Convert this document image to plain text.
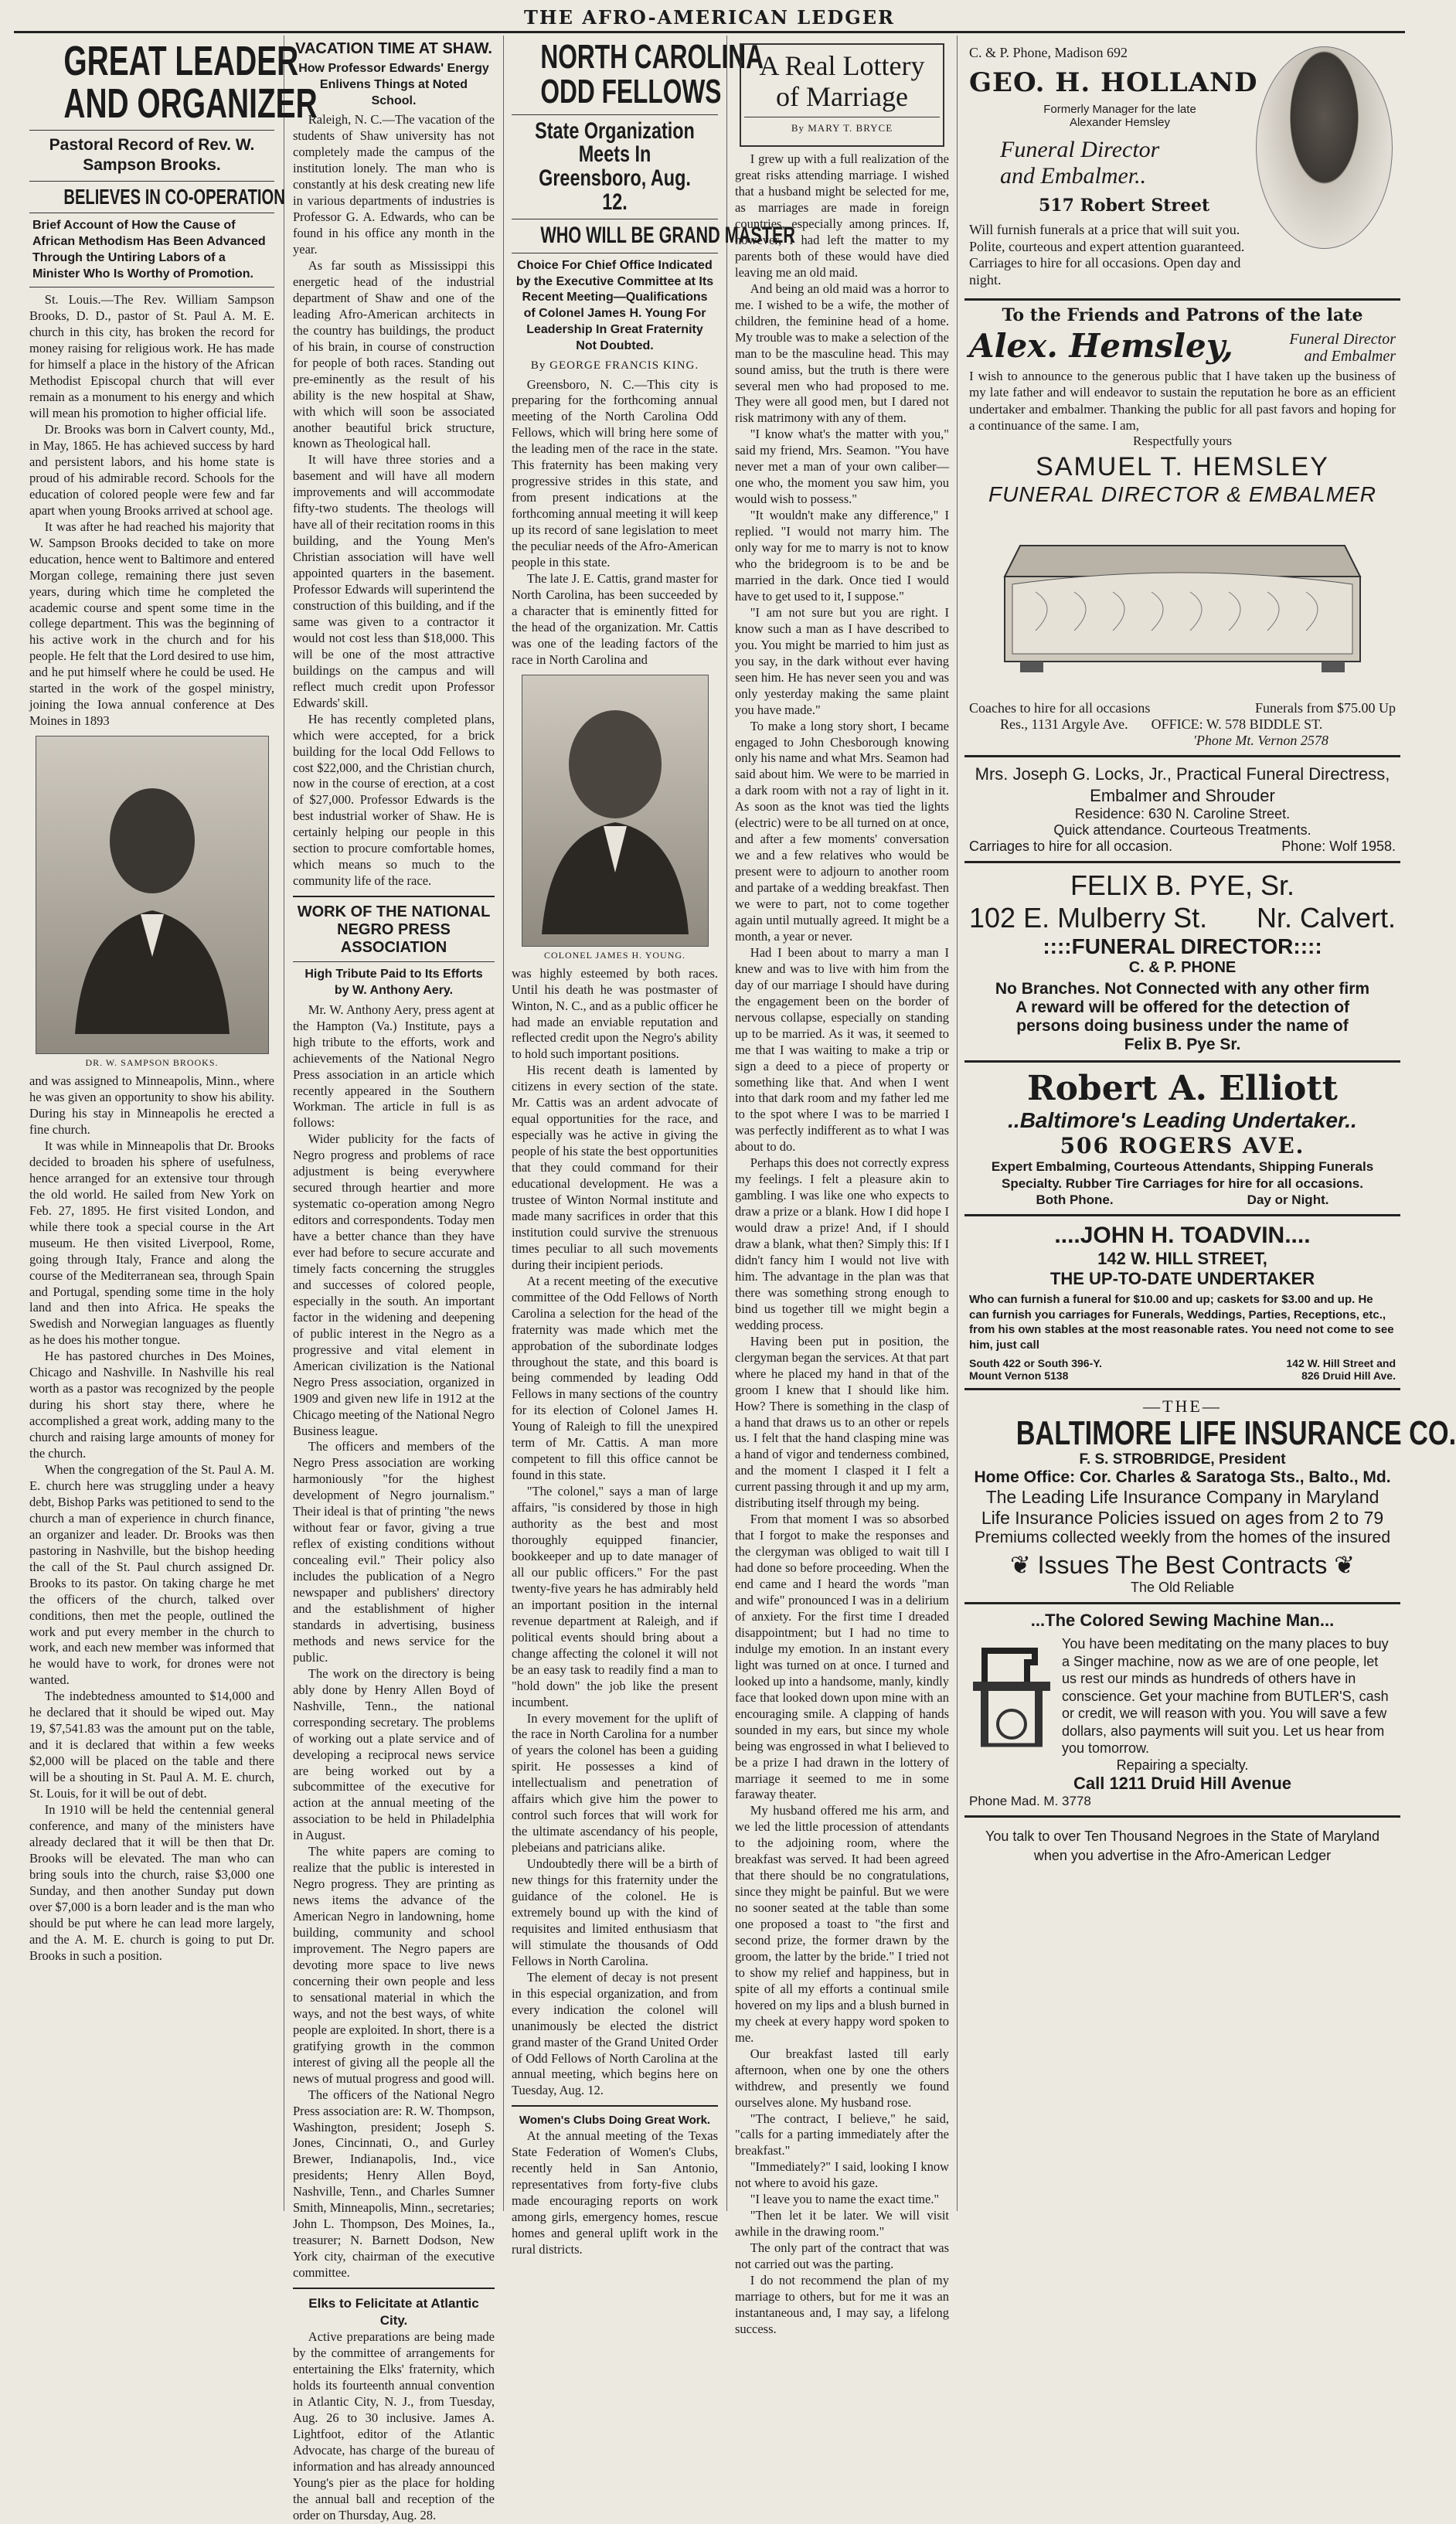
THE AFRO-AMERICAN LEDGER
GREAT LEADER
AND ORGANIZER
Pastoral Record of Rev. W. Sampson Brooks.
BELIEVES IN CO-OPERATION
Brief Account of How the Cause of African Methodism Has Been Advanced Through the Untiring Labors of a Minister Who Is Worthy of Promotion.

St. Louis.—The Rev. William Sampson Brooks, D. D., pastor of St. Paul A. M. E. church in this city, has broken the record for money raising for religious work. He has made for himself a place in the history of the African Methodist Episcopal church that will ever remain as a monument to his energy and which will mean his promotion to higher official life.

Dr. Brooks was born in Calvert county, Md., in May, 1865. He has achieved success by hard and persistent labors, and his home state is proud of his admirable record. Schools for the education of colored people were few and far apart when young Brooks arrived at school age.

It was after he had reached his majority that W. Sampson Brooks decided to take on more education, hence went to Baltimore and entered Morgan college, remaining there just seven years, during which time he completed the academic course and spent some time in the college department. This was the beginning of his active work in the church and for his people. He felt that the Lord desired to use him, and he put himself where he could be used. He started in the work of the gospel ministry, joining the Iowa annual conference at Des Moines in 1893

DR. W. SAMPSON BROOKS.

and was assigned to Minneapolis, Minn., where he was given an opportunity to show his ability. During his stay in Minneapolis he erected a fine church.

It was while in Minneapolis that Dr. Brooks decided to broaden his sphere of usefulness, hence arranged for an extensive tour through the old world. He sailed from New York on Feb. 27, 1895. He first visited London, and while there took a special course in the Art museum. He then visited Liverpool, Rome, going through Italy, France and along the course of the Mediterranean sea, through Spain and Portugal, spending some time in the holy land and then into Africa. He speaks the Swedish and Norwegian languages as fluently as he does his mother tongue.

He has pastored churches in Des Moines, Chicago and Nashville. In Nashville his real worth as a pastor was recognized by the people during his short stay there, where he accomplished a great work, adding many to the church and raising large amounts of money for the church.

When the congregation of the St. Paul A. M. E. church here was struggling under a heavy debt, Bishop Parks was petitioned to send to the church a man of experience in church finance, an organizer and leader. Dr. Brooks was then pastoring in Nashville, but the bishop heeding the call of the St. Paul church assigned Dr. Brooks to its pastor. On taking charge he met the officers of the church, talked over conditions, then met the people, outlined the work and put every member in the church to work, and each new member was informed that he would have to work, for drones were not wanted.

The indebtedness amounted to $14,000 and he declared that it should be wiped out. May 19, $7,541.83 was the amount put on the table, and it is declared that within a few weeks $2,000 will be placed on the table and there will be a shouting in St. Paul A. M. E. church, St. Louis, for it will be out of debt.

In 1910 will be held the centennial general conference, and many of the ministers have already declared that it will be then that Dr. Brooks will be elevated. The man who can bring souls into the church, raise $3,000 one Sunday, and then another Sunday put down over $7,000 is a born leader and is the man who should be put where he can lead more largely, and the A. M. E. church is going to put Dr. Brooks in such a position.

VACATION TIME AT SHAW.
How Professor Edwards' Energy Enlivens Things at Noted School.

Raleigh, N. C.—The vacation of the students of Shaw university has not completely made the campus of the institution lonely. The man who is constantly at his desk creating new life in various departments of industries is Professor G. A. Edwards, who can be found in his office any month in the year.

As far south as Mississippi this energetic head of the industrial department of Shaw and one of the leading Afro-American architects in the country has buildings, the product of his brain, in course of construction for people of both races. Standing out pre-eminently as the result of his ability is the new hospital at Shaw, with which will soon be associated another beautiful brick structure, known as Theological hall.

It will have three stories and a basement and will have all modern improvements and will accommodate fifty-two students. The theologs will have all of their recitation rooms in this building, and the Young Men's Christian association will have well appointed quarters in the basement. Professor Edwards will superintend the construction of this building, and if the same was given to a contractor it would not cost less than $18,000. This will be one of the most attractive buildings on the campus and will reflect much credit upon Professor Edwards' skill.

He has recently completed plans, which were accepted, for a brick building for the local Odd Fellows to cost $22,000, and the Christian church, now in the course of erection, at a cost of $27,000. Professor Edwards is the best industrial worker of Shaw. He is certainly helping our people in this section to procure comfortable homes, which means so much to the community life of the race.

WORK OF THE NATIONAL NEGRO PRESS ASSOCIATION
High Tribute Paid to Its Efforts by W. Anthony Aery.

Mr. W. Anthony Aery, press agent at the Hampton (Va.) Institute, pays a high tribute to the efforts, work and achievements of the National Negro Press association in an article which recently appeared in the Southern Workman. The article in full is as follows:

Wider publicity for the facts of Negro progress and problems of race adjustment is being everywhere secured through heartier and more systematic co-operation among Negro editors and correspondents. Today men have a better chance than they have ever had before to secure accurate and timely facts concerning the struggles and successes of colored people, especially in the south. An important factor in the widening and deepening of public interest in the Negro as a progressive and vital element in American civilization is the National Negro Press association, organized in 1909 and given new life in 1912 at the Chicago meeting of the National Negro Business league.

The officers and members of the Negro Press association are working harmoniously "for the highest development of Negro journalism." Their ideal is that of printing "the news without fear or favor, giving a true reflex of existing conditions without concealing evil." Their policy also includes the publication of a Negro newspaper and publishers' directory and the establishment of higher standards in advertising, business methods and news service for the public.

The work on the directory is being ably done by Henry Allen Boyd of Nashville, Tenn., the national corresponding secretary. The problems of working out a plate service and of developing a reciprocal news service are being worked out by a subcommittee of the executive for action at the annual meeting of the association to be held in Philadelphia in August.

The white papers are coming to realize that the public is interested in Negro progress. They are printing as news items the advance of the American Negro in landowning, home building, community and school improvement. The Negro papers are devoting more space to live news concerning their own people and less to sensational material in which the ways, and not the best ways, of white people are exploited. In short, there is a gratifying growth in the common interest of giving all the people all the news of mutual progress and good will.

The officers of the National Negro Press association are: R. W. Thompson, Washington, president; Joseph S. Jones, Cincinnati, O., and Gurley Brewer, Indianapolis, Ind., vice presidents; Henry Allen Boyd, Nashville, Tenn., and Charles Sumner Smith, Minneapolis, Minn., secretaries; John L. Thompson, Des Moines, Ia., treasurer; N. Barnett Dodson, New York city, chairman of the executive committee.

Elks to Felicitate at Atlantic City.

Active preparations are being made by the committee of arrangements for entertaining the Elks' fraternity, which holds its fourteenth annual convention in Atlantic City, N. J., from Tuesday, Aug. 26 to 30 inclusive. James A. Lightfoot, editor of the Atlantic Advocate, has charge of the bureau of information and has already announced Young's pier as the place for holding the annual ball and reception of the order on Thursday, Aug. 28.

NORTH CAROLINA
ODD FELLOWS
State Organization Meets In Greensboro, Aug. 12.
WHO WILL BE GRAND MASTER
Choice For Chief Office Indicated by the Executive Committee at Its Recent Meeting—Qualifications of Colonel James H. Young For Leadership In Great Fraternity Not Doubted.
By GEORGE FRANCIS KING.

Greensboro, N. C.—This city is preparing for the forthcoming annual meeting of the North Carolina Odd Fellows, which will bring here some of the leading men of the race in the state. This fraternity has been making very progressive strides in this state, and from present indications at the forthcoming annual meeting it will keep up its record of sane legislation to meet the peculiar needs of the Afro-American people in this state.

The late J. E. Cattis, grand master for North Carolina, has been succeeded by a character that is eminently fitted for the head of the organization. Mr. Cattis was one of the leading factors of the race in North Carolina and

COLONEL JAMES H. YOUNG.

was highly esteemed by both races. Until his death he was postmaster of Winton, N. C., and as a public officer he had made an enviable reputation and reflected credit upon the Negro's ability to hold such important positions.

His recent death is lamented by citizens in every section of the state. Mr. Cattis was an ardent advocate of equal opportunities for the race, and especially was he active in giving the people of his state the best opportunities that they could command for their educational development. He was a trustee of Winton Normal institute and made many sacrifices in order that this institution could survive the strenuous times peculiar to all such movements during their incipient periods.

At a recent meeting of the executive committee of the Odd Fellows of North Carolina a selection for the head of the fraternity was made which met the approbation of the subordinate lodges throughout the state, and this board is being commended by leading Odd Fellows in many sections of the country for its election of Colonel James H. Young of Raleigh to fill the unexpired term of Mr. Cattis. A man more competent to fill this office cannot be found in this state.

"The colonel," says a man of large affairs, "is considered by those in high authority as the best and most thoroughly equipped financier, bookkeeper and up to date manager of all our public officers." For the past twenty-five years he has admirably held an important position in the internal revenue department at Raleigh, and if political events should bring about a change affecting the colonel it will not be an easy task to readily find a man to "hold down" the job like the present incumbent.

In every movement for the uplift of the race in North Carolina for a number of years the colonel has been a guiding spirit. He possesses a kind of intellectualism and penetration of affairs which give him the power to control such forces that will work for the ultimate ascendancy of his people, plebeians and patricians alike.

Undoubtedly there will be a birth of new things for this fraternity under the guidance of the colonel. He is extremely bound up with the kind of requisites and limited enthusiasm that will stimulate the thousands of Odd Fellows in North Carolina.

The element of decay is not present in this especial organization, and from every indication the colonel will unanimously be elected the district grand master of the Grand United Order of Odd Fellows of North Carolina at the annual meeting, which begins here on Tuesday, Aug. 12.

Women's Clubs Doing Great Work.

At the annual meeting of the Texas State Federation of Women's Clubs, recently held in San Antonio, representatives from forty-five clubs made encouraging reports on work among girls, emergency homes, rescue homes and general uplift work in the rural districts.

A Real Lottery
of Marriage
By MARY T. BRYCE

I grew up with a full realization of the great risks attending marriage. I wished that a husband might be selected for me, as marriages are made in foreign countries, especially among princes. If, however, I had left the matter to my parents both of these would have died leaving me an old maid.

And being an old maid was a horror to me. I wished to be a wife, the mother of children, the feminine head of a home. My trouble was to make a selection of the man to be the masculine head. This may sound amiss, but the truth is there were several men who had proposed to me. They were all good men, but I dared not risk matrimony with any of them.

"I know what's the matter with you," said my friend, Mrs. Seamon. "You have never met a man of your own caliber—one who, the moment you saw him, you would wish to possess."

"It wouldn't make any difference," I replied. "I would not marry him. The only way for me to marry is not to know who the bridegroom is to be and be married in the dark. Once tied I would have to get used to it, I suppose."

"I am not sure but you are right. I know such a man as I have described to you. You might be married to him just as you say, in the dark without ever having seen him. He has never seen you and was only yesterday making the same plaint you have made."

To make a long story short, I became engaged to John Chesborough knowing only his name and what Mrs. Seamon had said about him. We were to be married in a dark room with not a ray of light in it. As soon as the knot was tied the lights (electric) were to be all turned on at once, and after a few moments' conversation we and a few relatives who would be present were to adjourn to another room and partake of a wedding breakfast. Then we were to part, not to come together again until mutually agreed. It might be a month, a year or never.

Had I been about to marry a man I knew and was to live with him from the day of our marriage I should have during the engagement been on the border of nervous collapse, especially on standing up to be married. As it was, it seemed to me that I was waiting to make a trip or sign a deed to a piece of property or something like that. And when I went into that dark room and my father led me to the spot where I was to be married I was perfectly indifferent as to what I was about to do.

Perhaps this does not correctly express my feelings. I felt a pleasure akin to gambling. I was like one who expects to draw a prize or a blank. How I did hope I would draw a prize! And, if I should draw a blank, what then? Simply this: If I didn't fancy him I would not live with him. The advantage in the plan was that there was something strong enough to bind us together till we might begin a wedding process.

Having been put in position, the clergyman began the services. At that part where he placed my hand in that of the groom I knew that I should like him. How? There is something in the clasp of a hand that draws us to an other or repels us. I felt that the hand clasping mine was a hand of vigor and tenderness combined, and the moment I clasped it I felt a current passing through it and up my arm, distributing itself through my being.

From that moment I was so absorbed that I forgot to make the responses and the clergyman was obliged to wait till I had done so before proceeding. When the end came and I heard the words "man and wife" pronounced I was in a delirium of anxiety. For the first time I dreaded disappointment; but I had no time to indulge my emotion. In an instant every light was turned on at once. I turned and looked up into a handsome, manly, kindly face that looked down upon mine with an encouraging smile. A clapping of hands sounded in my ears, but since my whole being was engrossed in what I believed to be a prize I had drawn in the lottery of marriage it seemed to me in some faraway theater.

My husband offered me his arm, and we led the little procession of attendants to the adjoining room, where the breakfast was served. It had been agreed that there should be no congratulations, since they might be painful. But we were no sooner seated at the table than some one proposed a toast to "the first and second prize, the former drawn by the groom, the latter by the bride." I tried not to show my relief and happiness, but in spite of all my efforts a continual smile hovered on my lips and a blush burned in my cheek at every happy word spoken to me.

Our breakfast lasted till early afternoon, when one by one the others withdrew, and presently we found ourselves alone. My husband rose.

"The contract, I believe," he said, "calls for a parting immediately after the breakfast."

"Immediately?" I said, looking I know not where to avoid his gaze.

"I leave you to name the exact time."

"Then let it be later. We will visit awhile in the drawing room."

The only part of the contract that was not carried out was the parting.

I do not recommend the plan of my marriage to others, but for me it was an instantaneous and, I may say, a lifelong success.

C. & P. Phone, Madison 692
GEO. H. HOLLAND
Formerly Manager for the late Alexander Hemsley
Funeral Director
and Embalmer..
517 Robert Street
Will furnish funerals at a price that will suit you. Polite, courteous and expert attention guaranteed. Carriages to hire for all occasions. Open day and night.
To the Friends and Patrons of the late
Alex. Hemsley,	Funeral Director
and Embalmer
I wish to announce to the generous public that I have taken up the business of my late father and will endeavor to sustain the reputation he bore as an efficient undertaker and embalmer. Thanking the public for all past favors and hoping for a continuance of the same. I am,
Respectfully yours
SAMUEL T. HEMSLEY
FUNERAL DIRECTOR & EMBALMER
Coaches to hire for all occasions	Funerals from $75.00 Up
Res., 1131 Argyle Ave. OFFICE: W. 578 BIDDLE ST.
'Phone Mt. Vernon 2578
Mrs. Joseph G. Locks, Jr., Practical Funeral Directress, Embalmer and Shrouder
Residence: 630 N. Caroline Street.
Quick attendance. Courteous Treatments.
Carriages to hire for all occasion.	Phone: Wolf 1958.
FELIX B. PYE, Sr.
102 E. Mulberry St. Nr. Calvert.
::::FUNERAL DIRECTOR::::
C. & P. PHONE
No Branches. Not Connected with any other firm
A reward will be offered for the detection of persons doing business under the name of
Felix B. Pye Sr.
Robert A. Elliott
..Baltimore's Leading Undertaker..
506 ROGERS AVE.
Expert Embalming, Courteous Attendants, Shipping Funerals Specialty. Rubber Tire Carriages for hire for all occasions.
Both Phone.	Day or Night.
....JOHN H. TOADVIN....
142 W. HILL STREET,
THE UP-TO-DATE UNDERTAKER
Who can furnish a funeral for $10.00 and up; caskets for $3.00 and up. He can furnish you carriages for Funerals, Weddings, Parties, Receptions, etc., from his own stables at the most reasonable rates. You need not come to see him, just call
South 422 or South 396-Y.
Mount Vernon 5138
142 W. Hill Street and
826 Druid Hill Ave.
—THE—
BALTIMORE LIFE INSURANCE CO.
F. S. STROBRIDGE, President
Home Office: Cor. Charles & Saratoga Sts., Balto., Md.
The Leading Life Insurance Company in Maryland
Life Insurance Policies issued on ages from 2 to 79
Premiums collected weekly from the homes of the insured
❦ Issues The Best Contracts ❦
The Old Reliable
...The Colored Sewing Machine Man...
You have been meditating on the many places to buy a Singer machine, now as we are of one people, let us rest our minds as hundreds of others have in conscience. Get your machine from BUTLER'S, cash or credit, we will reason with you. You will save a few dollars, also payments will suit you. Let us hear from you tomorrow.
Repairing a specialty.
Call 1211 Druid Hill Avenue
Phone Mad. M. 3778
You talk to over Ten Thousand Negroes in the State of Maryland when you advertise in the Afro-American Ledger
